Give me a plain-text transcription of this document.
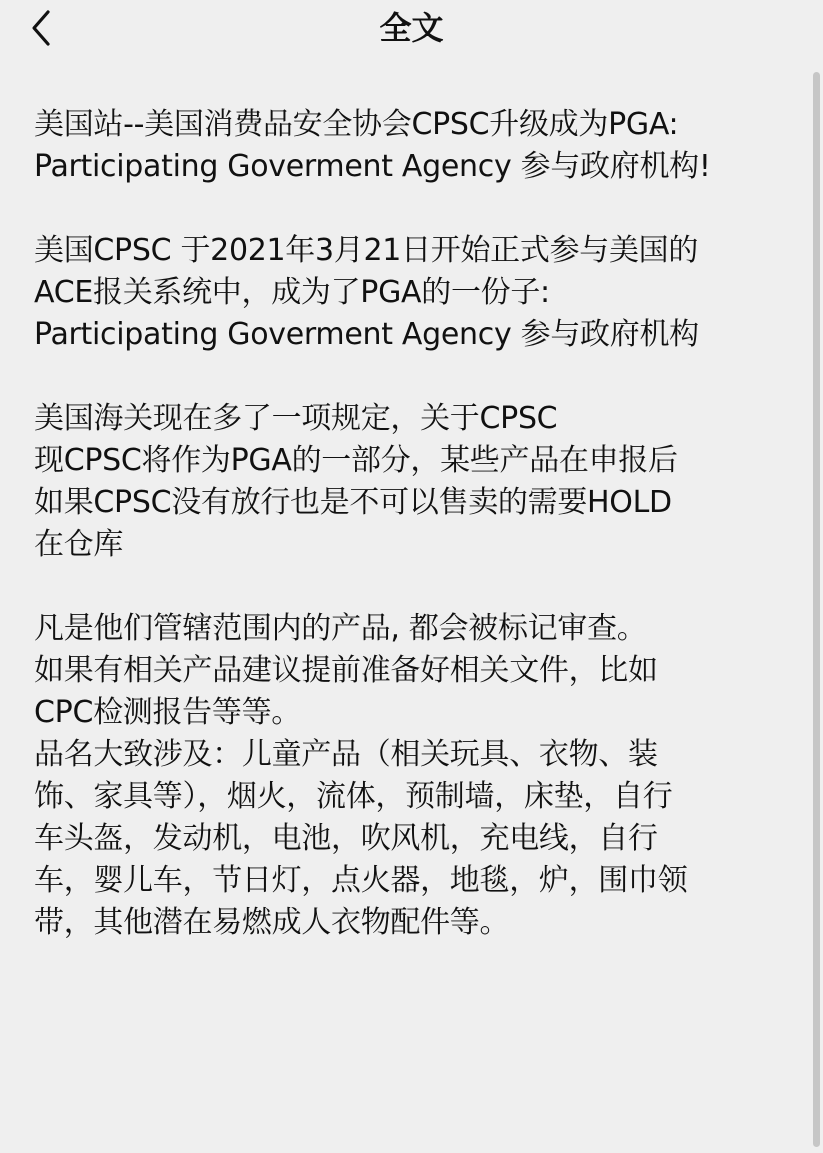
全文
美国站--美国消费品安全协会CPSC升级成为PGA:
Participating Goverment Agency 参与政府机构!
美国CPSC 于2021年3月21日开始正式参与美国的
ACE报关系统中，成为了PGA的一份子:
Participating Goverment Agency 参与政府机构
美国海关现在多了一项规定，关于CPSC
现CPSC将作为PGA的一部分，某些产品在申报后
如果CPSC没有放行也是不可以售卖的需要HOLD
在仓库
凡是他们管辖范围内的产品, 都会被标记审查。
如果有相关产品建议提前准备好相关文件，比如
CPC检测报告等等。
品名大致涉及：儿童产品（相关玩具、衣物、装
饰、家具等），烟火，流体，预制墙，床垫，自行
车头盔，发动机，电池，吹风机，充电线，自行
车，婴儿车，节日灯，点火器，地毯，炉，围巾领
带，其他潜在易燃成人衣物配件等。
